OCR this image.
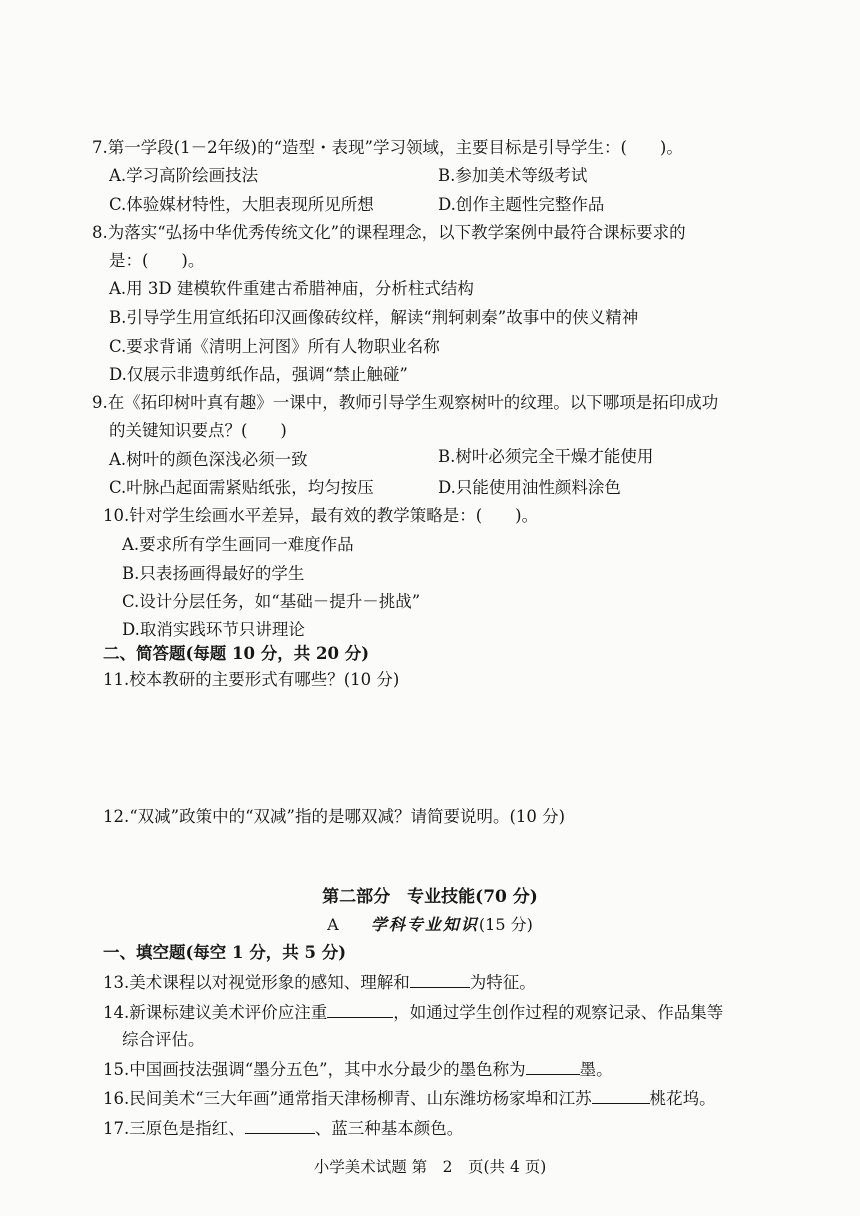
7.第一学段(1－2年级)的“造型・表现”学习领域，主要目标是引导学生：(　　)。
A.学习高阶绘画技法	B.参加美术等级考试
C.体验媒材特性，大胆表现所见所想	D.创作主题性完整作品
8.为落实“弘扬中华优秀传统文化”的课程理念，以下教学案例中最符合课标要求的
是：(　　)。
A.用 3D 建模软件重建古希腊神庙，分析柱式结构
B.引导学生用宣纸拓印汉画像砖纹样，解读“荆轲刺秦”故事中的侠义精神
C.要求背诵《清明上河图》所有人物职业名称
D.仅展示非遗剪纸作品，强调“禁止触碰”
9.在《拓印树叶真有趣》一课中，教师引导学生观察树叶的纹理。以下哪项是拓印成功
的关键知识要点？(　　)
A.树叶的颜色深浅必须一致	B.树叶必须完全干燥才能使用
C.叶脉凸起面需紧贴纸张，均匀按压	D.只能使用油性颜料涂色
10.针对学生绘画水平差异，最有效的教学策略是：(　　)。
A.要求所有学生画同一难度作品
B.只表扬画得最好的学生
C.设计分层任务，如“基础－提升－挑战”
D.取消实践环节只讲理论
二、简答题(每题 10 分，共 20 分)
11.校本教研的主要形式有哪些？(10 分)
12.“双减”政策中的“双减”指的是哪双减？请简要说明。(10 分)
第二部分　专业技能(70 分)
A 学科专业知识(15 分)
一、填空题(每空 1 分，共 5 分)
13.美术课程以对视觉形象的感知、理解和	为特征。
14.新课标建议美术评价应注重	，如通过学生创作过程的观察记录、作品集等
综合评估。
15.中国画技法强调“墨分五色”，其中水分最少的墨色称为	墨。
16.民间美术“三大年画”通常指天津杨柳青、山东潍坊杨家埠和江苏	桃花坞。
17.三原色是指红、	、蓝三种基本颜色。
小学美术试题 第　2　页(共 4 页)
